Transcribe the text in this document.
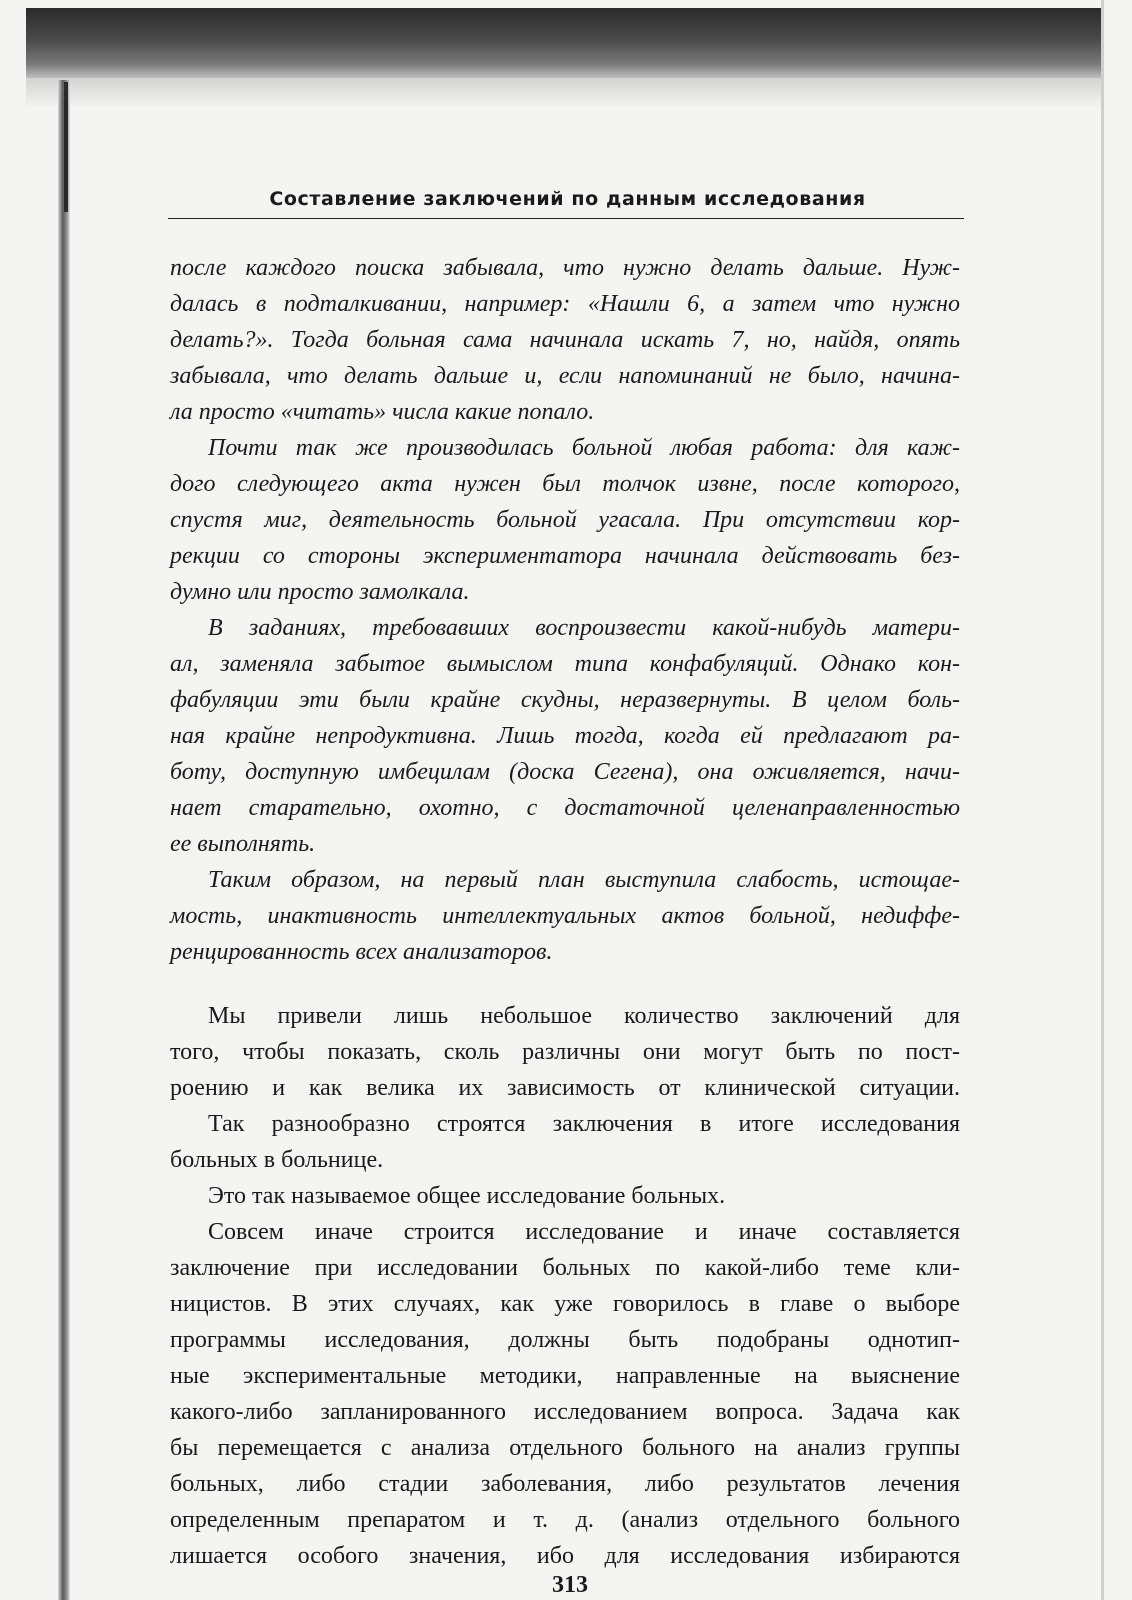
Составление заключений по данным исследования
после каждого поиска забывала, что нужно делать дальше. Нуж-
далась в подталкивании, например: «Нашли 6, а затем что нужно
делать?». Тогда больная сама начинала искать 7, но, найдя, опять
забывала, что делать дальше и, если напоминаний не было, начина-
ла просто «читать» числа какие попало.
Почти так же производилась больной любая работа: для каж-
дого следующего акта нужен был толчок извне, после которого,
спустя миг, деятельность больной угасала. При отсутствии кор-
рекции со стороны экспериментатора начинала действовать без-
думно или просто замолкала.
В заданиях, требовавших воспроизвести какой-нибудь матери-
ал, заменяла забытое вымыслом типа конфабуляций. Однако кон-
фабуляции эти были крайне скудны, неразвернуты. В целом боль-
ная крайне непродуктивна. Лишь тогда, когда ей предлагают ра-
боту, доступную имбецилам (доска Сегена), она оживляется, начи-
нает старательно, охотно, с достаточной целенаправленностью
ее выполнять.
Таким образом, на первый план выступила слабость, истощае-
мость, инактивность интеллектуальных актов больной, недиффе-
ренцированность всех анализаторов.
Мы привели лишь небольшое количество заключений для
того, чтобы показать, сколь различны они могут быть по пост-
роению и как велика их зависимость от клинической ситуации.
Так разнообразно строятся заключения в итоге исследования
больных в больнице.
Это так называемое общее исследование больных.
Совсем иначе строится исследование и иначе составляется
заключение при исследовании больных по какой-либо теме кли-
ницистов. В этих случаях, как уже говорилось в главе о выборе
программы исследования, должны быть подобраны однотип-
ные экспериментальные методики, направленные на выяснение
какого-либо запланированного исследованием вопроса. Задача как
бы перемещается с анализа отдельного больного на анализ группы
больных, либо стадии заболевания, либо результатов лечения
определенным препаратом и т. д. (анализ отдельного больного
лишается особого значения, ибо для исследования избираются
313
